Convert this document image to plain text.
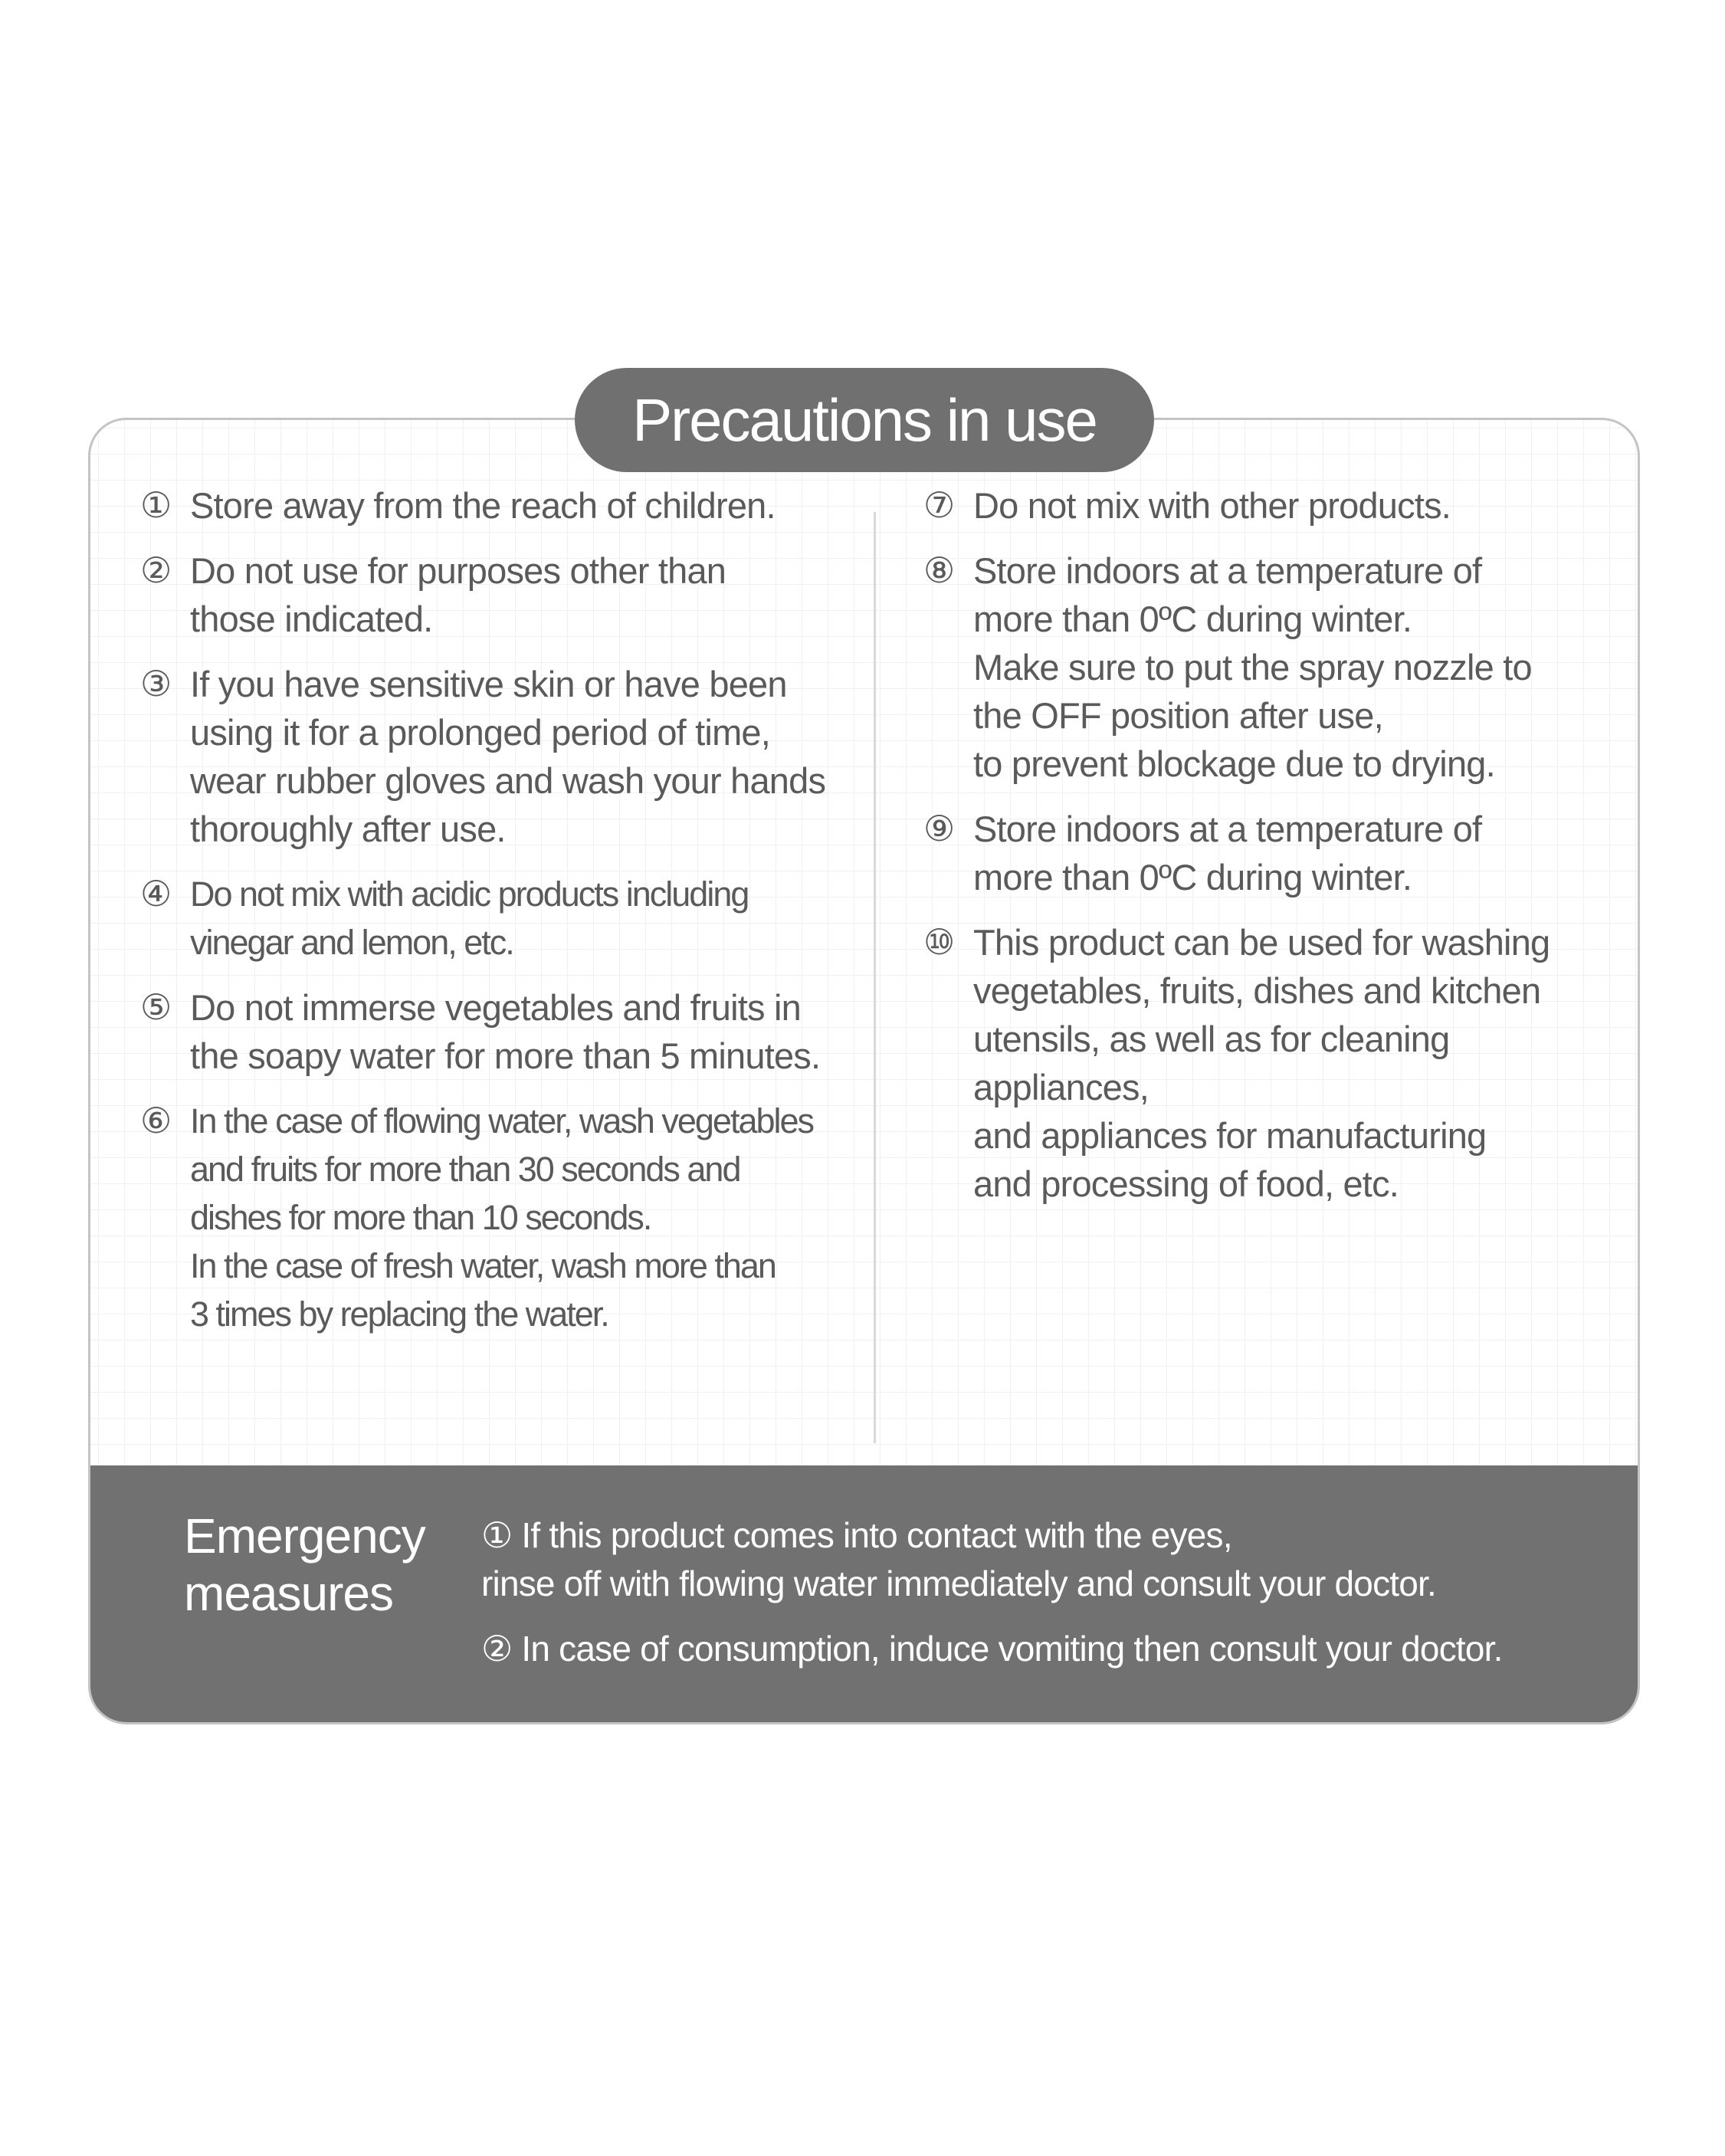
Precautions in use
① Store away from the reach of children.
② Do not use for purposes other than
those indicated.
③ If you have sensitive skin or have been
using it for a prolonged period of time,
wear rubber gloves and wash your hands
thoroughly after use.
④ Do not mix with acidic products including
vinegar and lemon, etc.
⑤ Do not immerse vegetables and fruits in
the soapy water for more than 5 minutes.
⑥ In the case of flowing water, wash vegetables
and fruits for more than 30 seconds and
dishes for more than 10 seconds.
In the case of fresh water, wash more than
3 times by replacing the water.
⑦ Do not mix with other products.
⑧ Store indoors at a temperature of
more than 0ºC during winter.
Make sure to put the spray nozzle to
the OFF position after use,
to prevent blockage due to drying.
⑨ Store indoors at a temperature of
more than 0ºC during winter.
⑩ This product can be used for washing
vegetables, fruits, dishes and kitchen
utensils, as well as for cleaning appliances,
and appliances for manufacturing
and processing of food, etc.
Emergency
measures
① If this product comes into contact with the eyes,
rinse off with flowing water immediately and consult your doctor.
② In case of consumption, induce vomiting then consult your doctor.
